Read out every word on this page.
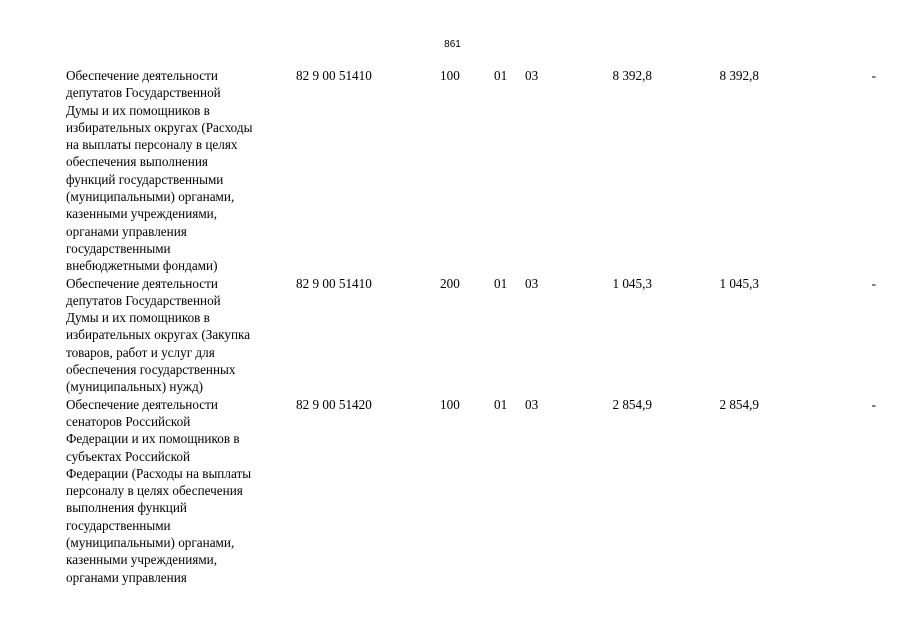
861
Обеспечение деятельности
депутатов Государственной
Думы и их помощников в
избирательных округах (Расходы
на выплаты персоналу в целях
обеспечения выполнения
функций государственными
(муниципальными) органами,
казенными учреждениями,
органами управления
государственными
внебюджетными фондами)
82 9 00 51410	100	01 03	8 392,8	8 392,8	-
Обеспечение деятельности
депутатов Государственной
Думы и их помощников в
избирательных округах (Закупка
товаров, работ и услуг для
обеспечения государственных
(муниципальных) нужд)
82 9 00 51410	200	01 03	1 045,3	1 045,3	-
Обеспечение деятельности
сенаторов Российской
Федерации и их помощников в
субъектах Российской
Федерации (Расходы на выплаты
персоналу в целях обеспечения
выполнения функций
государственными
(муниципальными) органами,
казенными учреждениями,
органами управления
82 9 00 51420	100	01 03	2 854,9	2 854,9	-
